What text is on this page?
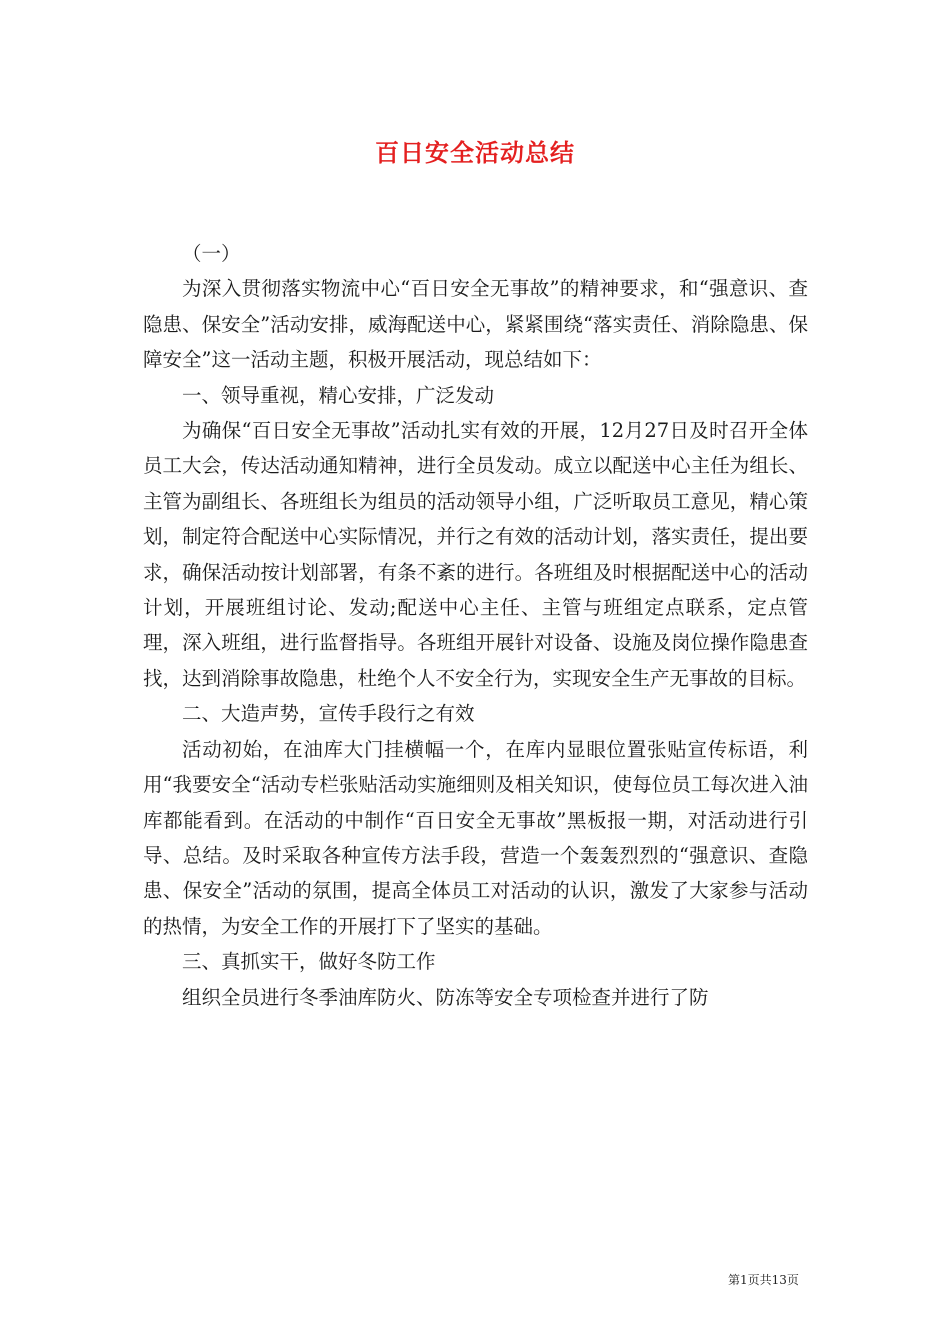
百日安全活动总结

（一）

为深入贯彻落实物流中心“百日安全无事故”的精神要求，和“强意识、查隐患、保安全”活动安排，威海配送中心，紧紧围绕“落实责任、消除隐患、保障安全”这一活动主题，积极开展活动，现总结如下：

一、领导重视，精心安排，广泛发动

为确保“百日安全无事故”活动扎实有效的开展，12月27日及时召开全体员工大会，传达活动通知精神，进行全员发动。成立以配送中心主任为组长、主管为副组长、各班组长为组员的活动领导小组，广泛听取员工意见，精心策划，制定符合配送中心实际情况，并行之有效的活动计划，落实责任，提出要求，确保活动按计划部署，有条不紊的进行。各班组及时根据配送中心的活动计划，开展班组讨论、发动;配送中心主任、主管与班组定点联系，定点管理，深入班组，进行监督指导。各班组开展针对设备、设施及岗位操作隐患查找，达到消除事故隐患，杜绝个人不安全行为，实现安全生产无事故的目标。

二、大造声势，宣传手段行之有效

活动初始，在油库大门挂横幅一个，在库内显眼位置张贴宣传标语，利用“我要安全“活动专栏张贴活动实施细则及相关知识，使每位员工每次进入油库都能看到。在活动的中制作“百日安全无事故”黑板报一期，对活动进行引导、总结。及时采取各种宣传方法手段，营造一个轰轰烈烈的“强意识、查隐患、保安全”活动的氛围，提高全体员工对活动的认识，激发了大家参与活动的热情，为安全工作的开展打下了坚实的基础。

三、真抓实干，做好冬防工作

组织全员进行冬季油库防火、防冻等安全专项检查并进行了防

第1页共13页
